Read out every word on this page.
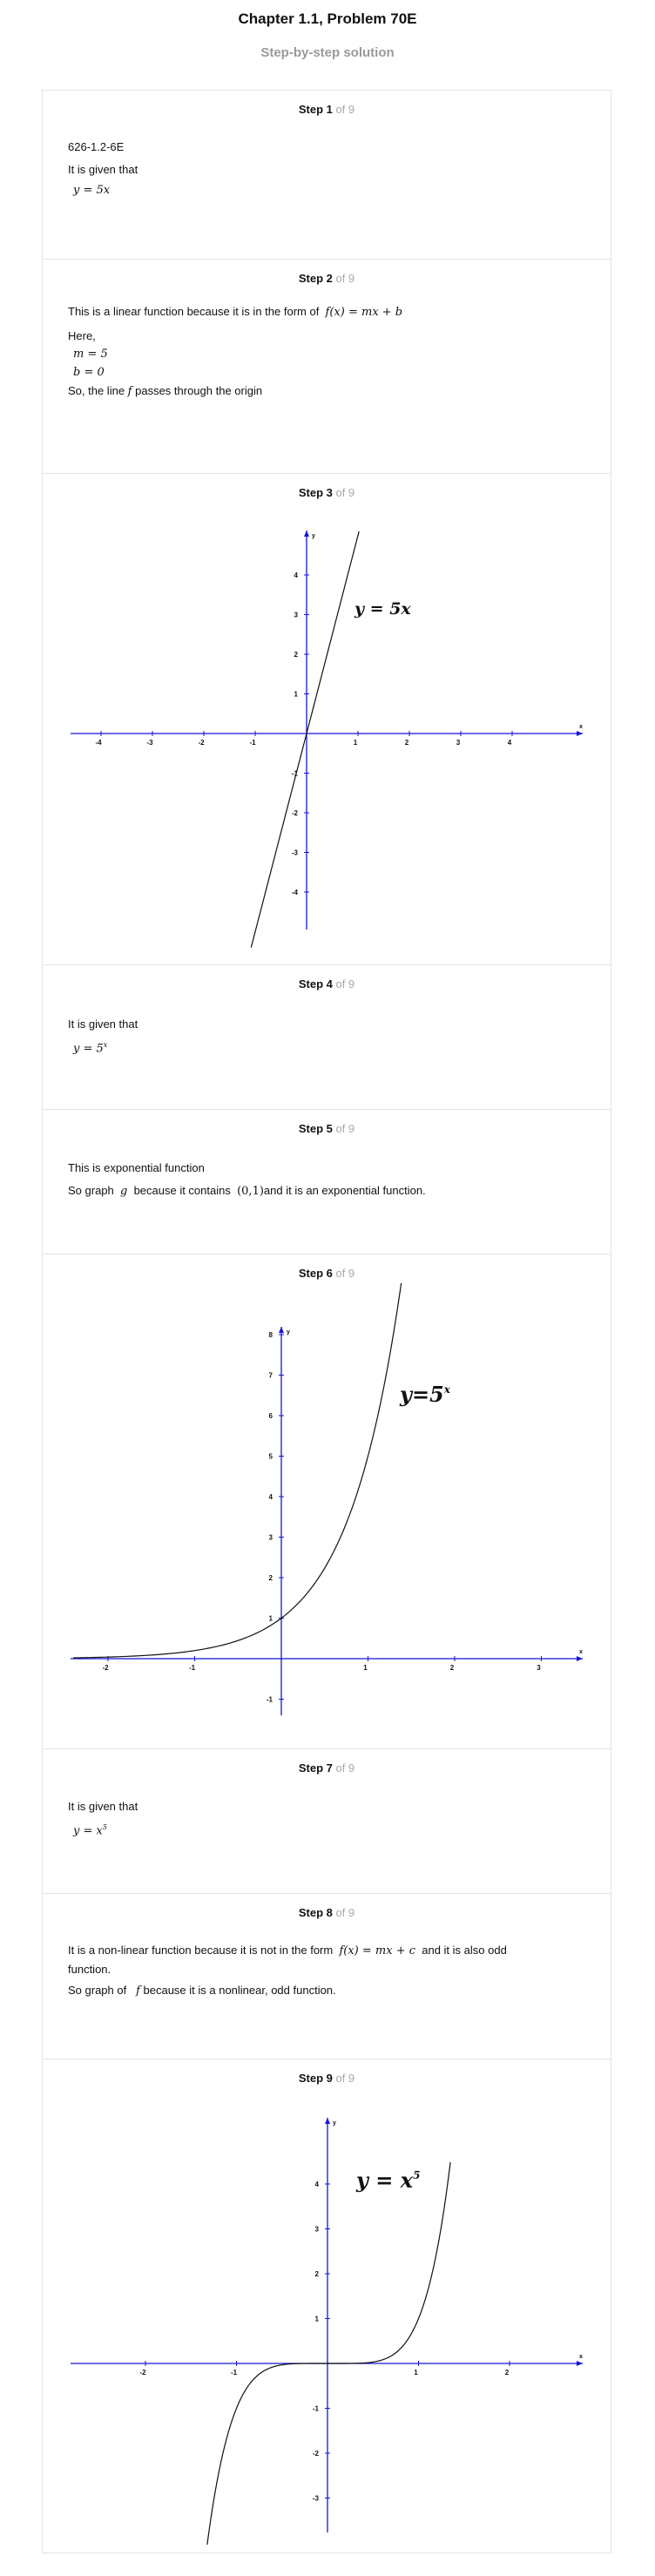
Chapter 1.1, Problem 70E
Step-by-step solution
Step 1 of 9
626-1.2-6E
It is given that
y = 5x
Step 2 of 9
This is a linear function because it is in the form of f(x) = mx + b
Here,
m = 5
b = 0
So, the line f passes through the origin
Step 3 of 9
x
y
-4	-3	-2	-1	1	2	3	4
4
3
2
1
-1
-2
-3
-4
y = 5x
Step 4 of 9
It is given that
$y = 5^x$
Step 5 of 9
This is exponential function
So graph g because it contains (0,1)and it is an exponential function.
Step 6 of 9
x
y
-2	-1	1	2	3
8
7
6
5
4
3
2
1
-1
$y=5^x$
Step 7 of 9
It is given that
$y = x^5$
Step 8 of 9
It is a non-linear function because it is not in the form f(x) = mx + c and it is also odd
function.
So graph of f because it is a nonlinear, odd function.
Step 9 of 9
x
y
-2	-1	1	2
4
3
2
1
-1
-2
-3
$y = x^5$
